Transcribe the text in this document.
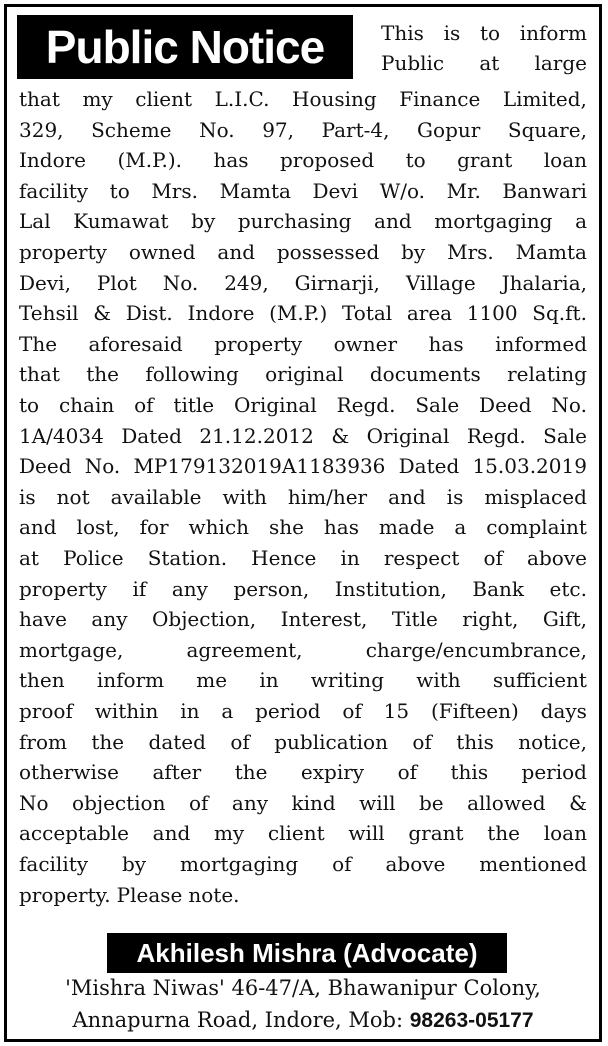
Public Notice	This is to inform
Public at large
that my client L.I.C. Housing Finance Limited,
329, Scheme No. 97, Part-4, Gopur Square,
Indore (M.P.). has proposed to grant loan
facility to Mrs. Mamta Devi W/o. Mr. Banwari
Lal Kumawat by purchasing and mortgaging a
property owned and possessed by Mrs. Mamta
Devi, Plot No. 249, Girnarji, Village Jhalaria,
Tehsil & Dist. Indore (M.P.) Total area 1100 Sq.ft.
The aforesaid property owner has informed
that the following original documents relating
to chain of title Original Regd. Sale Deed No.
1A/4034 Dated 21.12.2012 & Original Regd. Sale
Deed No. MP179132019A1183936 Dated 15.03.2019
is not available with him/her and is misplaced
and lost, for which she has made a complaint
at Police Station. Hence in respect of above
property if any person, Institution, Bank etc.
have any Objection, Interest, Title right, Gift,
mortgage,	agreement,	charge/encumbrance,
then inform me in writing with sufficient
proof within in a period of 15 (Fifteen) days
from the dated of publication of this notice,
otherwise after the expiry of this period
No objection of any kind will be allowed &
acceptable and my client will grant the loan
facility by mortgaging of above mentioned
property. Please note.
Akhilesh Mishra (Advocate)
'Mishra Niwas' 46-47/A, Bhawanipur Colony,
Annapurna Road, Indore, Mob: 98263-05177
